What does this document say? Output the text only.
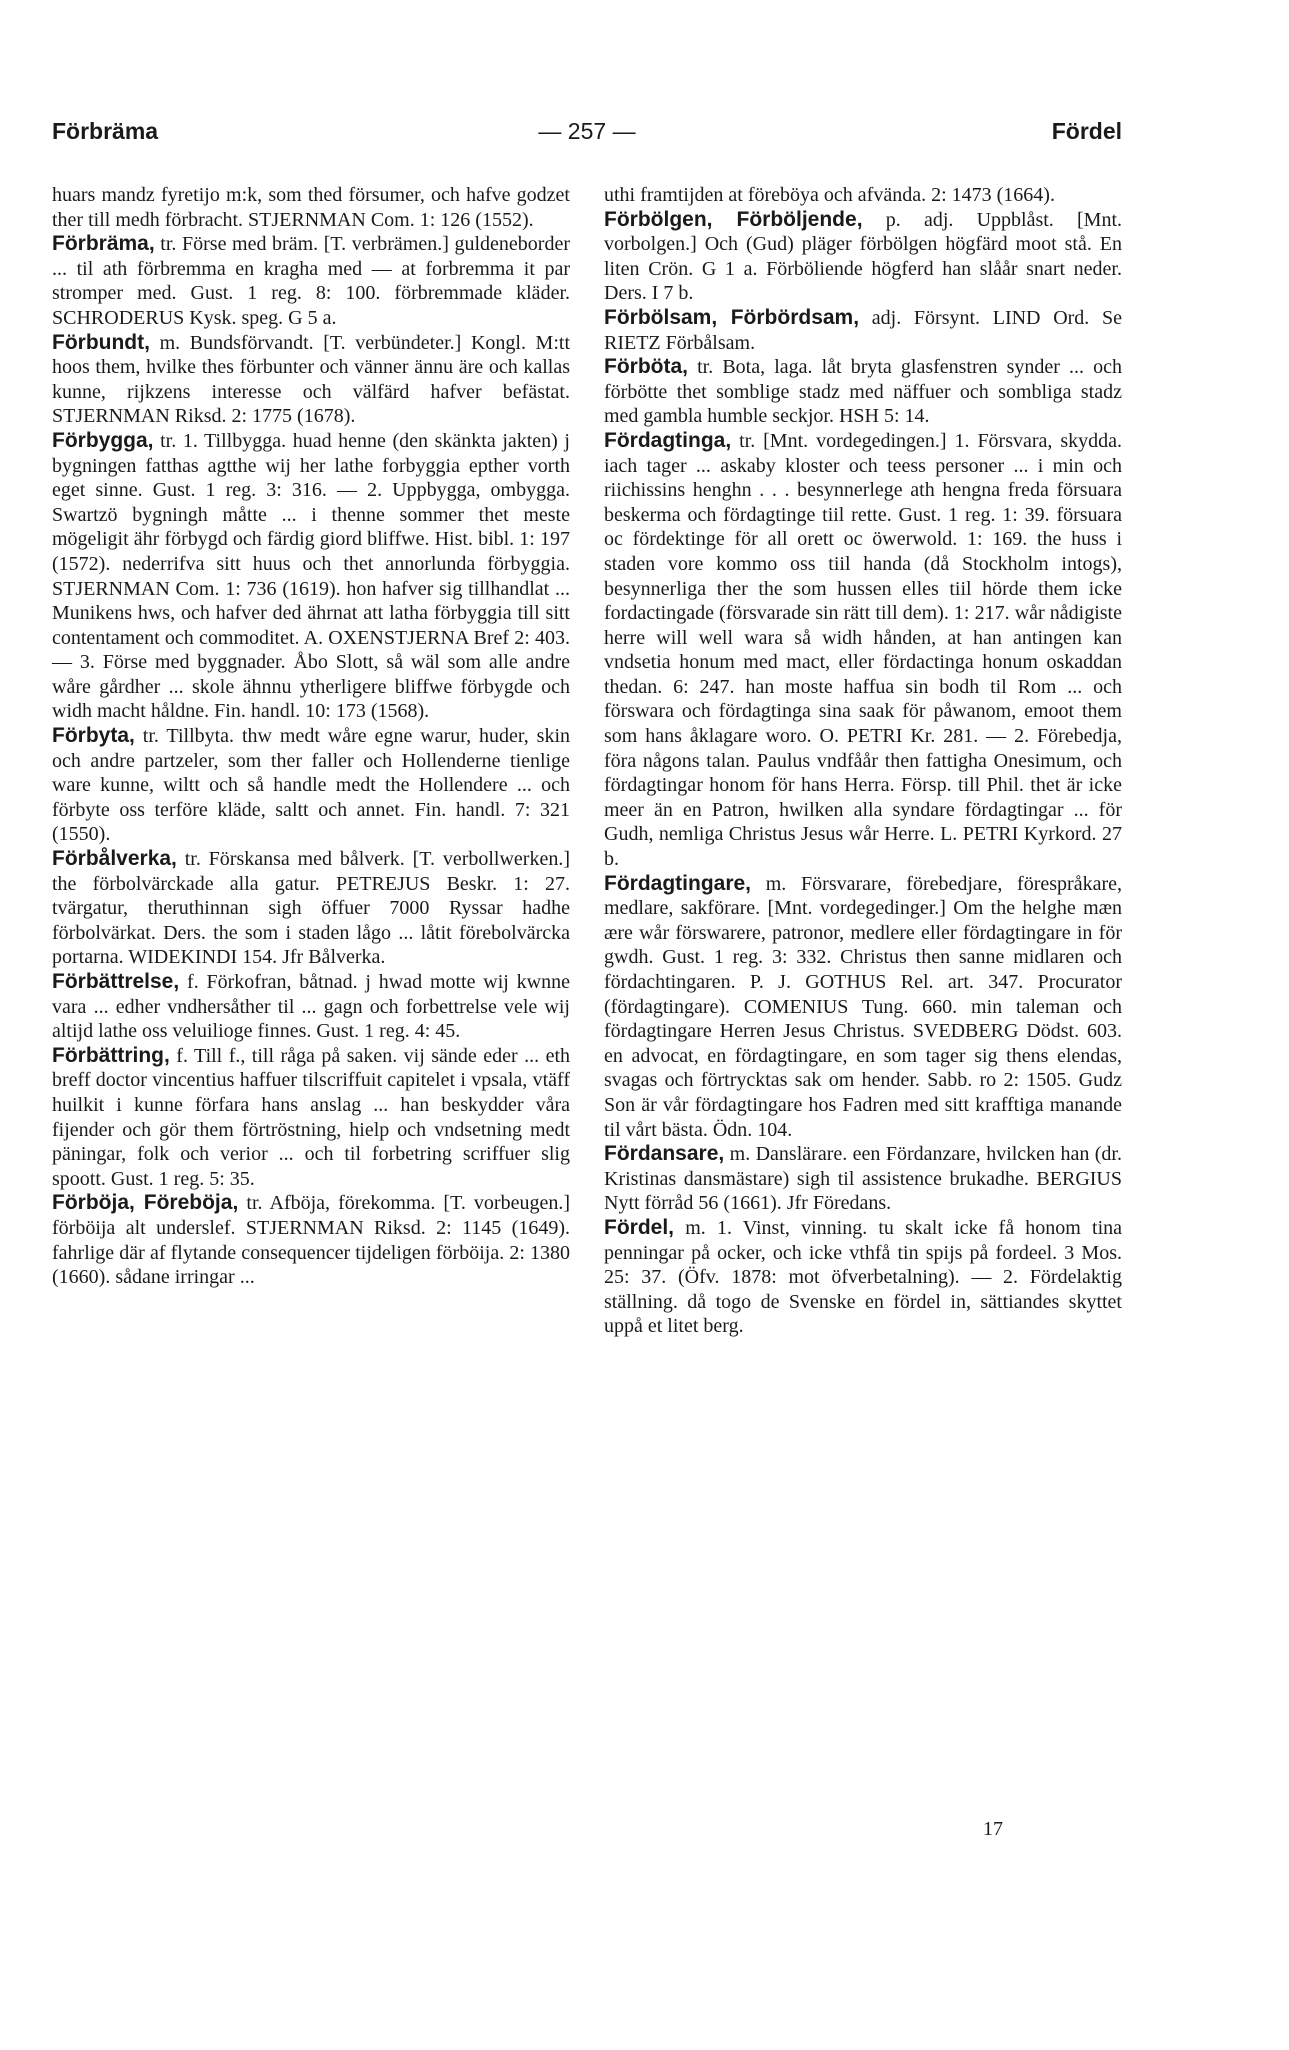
Förbräma	— 257 —	Fördel

huars mandz fyretijo m:k, som thed försumer, och hafve godzet ther till medh förbracht. STJERNMAN Com. 1: 126 (1552).

Förbräma, tr. Förse med bräm. [T. verbrämen.] guldeneborder ... til ath förbremma en kragha med — at forbremma it par stromper med. Gust. 1 reg. 8: 100. förbremmade kläder. SCHRODERUS Kysk. speg. G 5 a.

Förbundt, m. Bundsförvandt. [T. verbündeter.] Kongl. M:tt hoos them, hvilke thes förbunter och vänner ännu äre och kallas kunne, rijkzens interesse och välfärd hafver befästat. STJERNMAN Riksd. 2: 1775 (1678).

Förbygga, tr. 1. Tillbygga. huad henne (den skänkta jakten) j bygningen fatthas agtthe wij her lathe forbyggia epther vorth eget sinne. Gust. 1 reg. 3: 316. — 2. Uppbygga, ombygga. Swartzö bygningh måtte ... i thenne sommer thet meste mögeligit ähr förbygd och färdig giord bliffwe. Hist. bibl. 1: 197 (1572). nederrifva sitt huus och thet annorlunda förbyggia. STJERNMAN Com. 1: 736 (1619). hon hafver sig tillhandlat ... Munikens hws, och hafver ded ährnat att latha förbyggia till sitt contentament och commoditet. A. OXENSTJERNA Bref 2: 403. — 3. Förse med byggnader. Åbo Slott, så wäl som alle andre wåre gårdher ... skole ähnnu ytherligere bliffwe förbygde och widh macht håldne. Fin. handl. 10: 173 (1568).

Förbyta, tr. Tillbyta. thw medt wåre egne warur, huder, skin och andre partzeler, som ther faller och Hollenderne tienlige ware kunne, wiltt och så handle medt the Hollendere ... och förbyte oss terföre kläde, saltt och annet. Fin. handl. 7: 321 (1550).

Förbålverka, tr. Förskansa med bålverk. [T. verbollwerken.] the förbolvärckade alla gatur. PETREJUS Beskr. 1: 27. tvärgatur, theruthinnan sigh öffuer 7000 Ryssar hadhe förbolvärkat. Ders. the som i staden lågo ... låtit förebolvärcka portarna. WIDEKINDI 154. Jfr Bålverka.

Förbättrelse, f. Förkofran, båtnad. j hwad motte wij kwnne vara ... edher vndhersåther til ... gagn och forbettrelse vele wij altijd lathe oss veluilioge finnes. Gust. 1 reg. 4: 45.

Förbättring, f. Till f., till råga på saken. vij sände eder ... eth breff doctor vincentius haffuer tilscriffuit capitelet i vpsala, vtäff huilkit i kunne förfara hans anslag ... han beskydder våra fijender och gör them förtröstning, hielp och vndsetning medt päningar, folk och verior ... och til forbetring scriffuer slig spoott. Gust. 1 reg. 5: 35.

Förböja, Föreböja, tr. Afböja, förekomma. [T. vorbeugen.] förböija alt underslef. STJERNMAN Riksd. 2: 1145 (1649). fahrlige där af flytande consequencer tijdeligen förböija. 2: 1380 (1660). sådane irringar ...

uthi framtijden at föreböya och afvända. 2: 1473 (1664).

Förbölgen, Förböljende, p. adj. Uppblåst. [Mnt. vorbolgen.] Och (Gud) pläger förbölgen högfärd moot stå. En liten Crön. G 1 a. Förböliende högferd han slåår snart neder. Ders. I 7 b.

Förbölsam, Förbördsam, adj. Försynt. LIND Ord. Se RIETZ Förbålsam.

Förböta, tr. Bota, laga. låt bryta glasfenstren synder ... och förbötte thet somblige stadz med näffuer och sombliga stadz med gambla humble seckjor. HSH 5: 14.

Fördagtinga, tr. [Mnt. vordegedingen.] 1. Försvara, skydda. iach tager ... askaby kloster och teess personer ... i min och riichissins henghn . . . besynnerlege ath hengna freda försuara beskerma och fördagtinge tiil rette. Gust. 1 reg. 1: 39. försuara oc fördektinge för all orett oc öwerwold. 1: 169. the huss i staden vore kommo oss tiil handa (då Stockholm intogs), besynnerliga ther the som hussen elles tiil hörde them icke fordactingade (försvarade sin rätt till dem). 1: 217. wår nådigiste herre will well wara så widh hånden, at han antingen kan vndsetia honum med mact, eller fördactinga honum oskaddan thedan. 6: 247. han moste haffua sin bodh til Rom ... och förswara och fördagtinga sina saak för påwanom, emoot them som hans åklagare woro. O. PETRI Kr. 281. — 2. Förebedja, föra någons talan. Paulus vndfåår then fattigha Onesimum, och fördagtingar honom för hans Herra. Försp. till Phil. thet är icke meer än en Patron, hwilken alla syndare fördagtingar ... för Gudh, nemliga Christus Jesus wår Herre. L. PETRI Kyrkord. 27 b.

Fördagtingare, m. Försvarare, förebedjare, förespråkare, medlare, sakförare. [Mnt. vordegedinger.] Om the helghe mæn ære wår förswarere, patronor, medlere eller fördagtingare in för gwdh. Gust. 1 reg. 3: 332. Christus then sanne midlaren och fördachtingaren. P. J. GOTHUS Rel. art. 347. Procurator (fördagtingare). COMENIUS Tung. 660. min taleman och fördagtingare Herren Jesus Christus. SVEDBERG Dödst. 603. en advocat, en fördagtingare, en som tager sig thens elendas, svagas och förtrycktas sak om hender. Sabb. ro 2: 1505. Gudz Son är vår fördagtingare hos Fadren med sitt krafftiga manande til vårt bästa. Ödn. 104.

Fördansare, m. Danslärare. een Fördanzare, hvilcken han (dr. Kristinas dansmästare) sigh til assistence brukadhe. BERGIUS Nytt förråd 56 (1661). Jfr Föredans.

Fördel, m. 1. Vinst, vinning. tu skalt icke få honom tina penningar på ocker, och icke vthfå tin spijs på fordeel. 3 Mos. 25: 37. (Öfv. 1878: mot öfverbetalning). — 2. Fördelaktig ställning. då togo de Svenske en fördel in, sättiandes skyttet uppå et litet berg.

17
